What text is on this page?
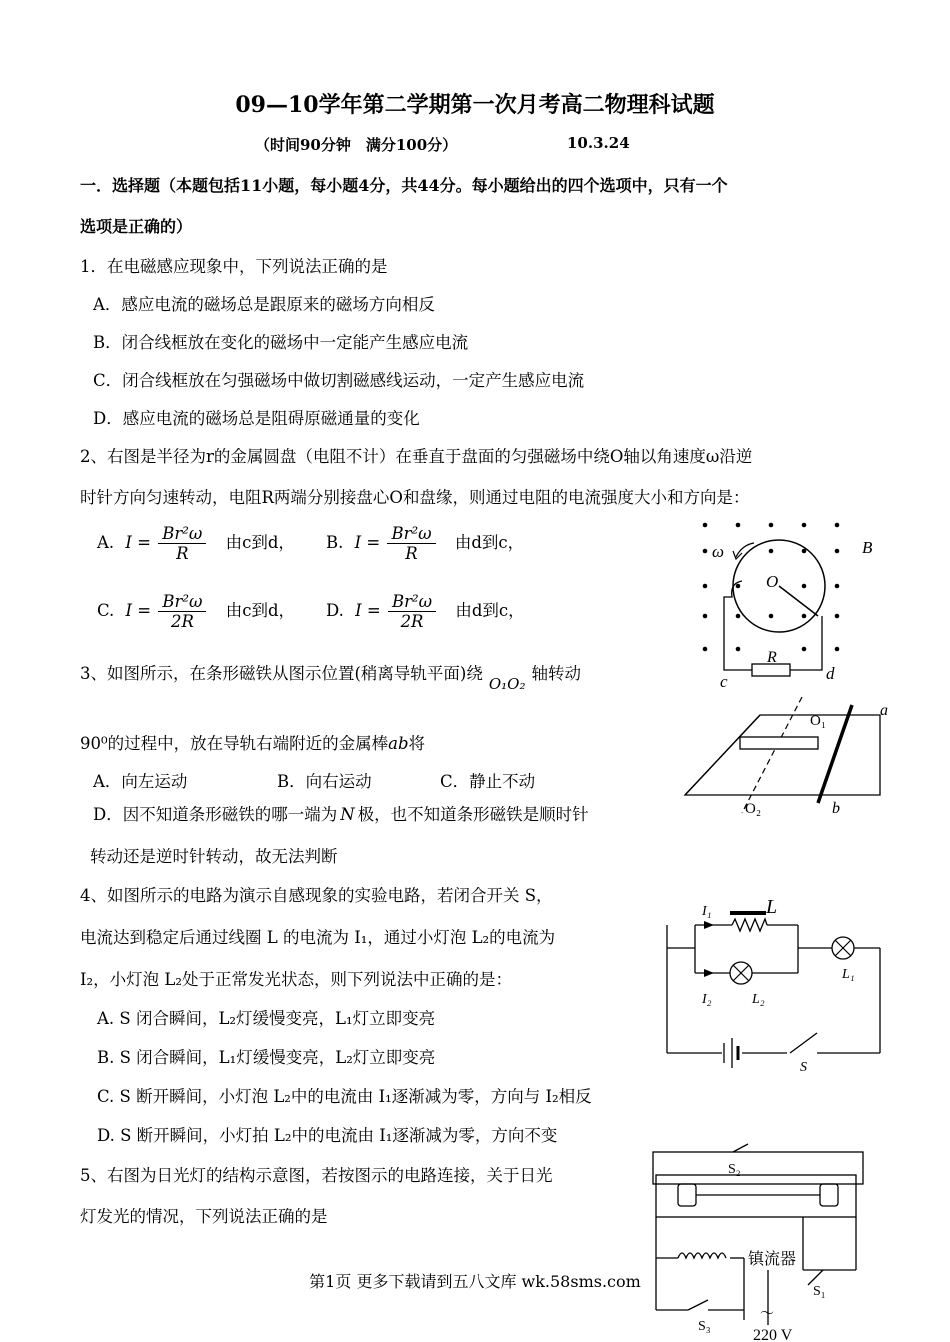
09—10学年第二学期第一次月考高二物理科试题
（时间90分钟　满分100分）	10.3.24
一．选择题（本题包括11小题，每小题4分，共44分。每小题给出的四个选项中，只有一个
选项是正确的）
1．在电磁感应现象中，下列说法正确的是
A．感应电流的磁场总是跟原来的磁场方向相反
B．闭合线框放在变化的磁场中一定能产生感应电流
C．闭合线框放在匀强磁场中做切割磁感线运动，一定产生感应电流
D．感应电流的磁场总是阻碍原磁通量的变化
2、右图是半径为r的金属圆盘（电阻不计）在垂直于盘面的匀强磁场中绕O轴以角速度ω沿逆
时针方向匀速转动，电阻R两端分别接盘心O和盘缘，则通过电阻的电流强度大小和方向是：
A. $I = \frac{\text{Br²ω}}{R}$ 由c到d， B. $I = \frac{\text{Br²ω}}{R}$ 由d到c，
C. $I = \frac{\text{Br²ω}}{2R}$ 由c到d， D. $I = \frac{\text{Br²ω}}{2R}$ 由d到c，
ω	B
O
R
c	d
3、如图所示，在条形磁铁从图示位置(稍离导轨平面)绕O₁O₂轴转动
90⁰的过程中，放在导轨右端附近的金属棒ab将
A．向左运动	B．向右运动	C．静止不动
D．因不知道条形磁铁的哪一端为 N 极，也不知道条形磁铁是顺时针
转动还是逆时针转动，故无法判断
O₁
O₂
a
b
4、如图所示的电路为演示自感现象的实验电路，若闭合开关 S，
电流达到稳定后通过线圈 L 的电流为 I₁，通过小灯泡 L₂的电流为
I₂，小灯泡 L₂处于正常发光状态，则下列说法中正确的是：
A. S 闭合瞬间，L₂灯缓慢变亮，L₁灯立即变亮
B. S 闭合瞬间，L₁灯缓慢变亮，L₂灯立即变亮
C. S 断开瞬间，小灯泡 L₂中的电流由 I₁逐渐减为零，方向与 I₂相反
D. S 断开瞬间，小灯拍 L₂中的电流由 I₁逐渐减为零，方向不变
I₁	L
I₂	L₂
L₁
S
5、右图为日光灯的结构示意图，若按图示的电路连接，关于日光
灯发光的情况，下列说法正确的是
S₂
镇流器
S₁
S₃
～
220 V
第1页 更多下载请到五八文库 wk.58sms.com
